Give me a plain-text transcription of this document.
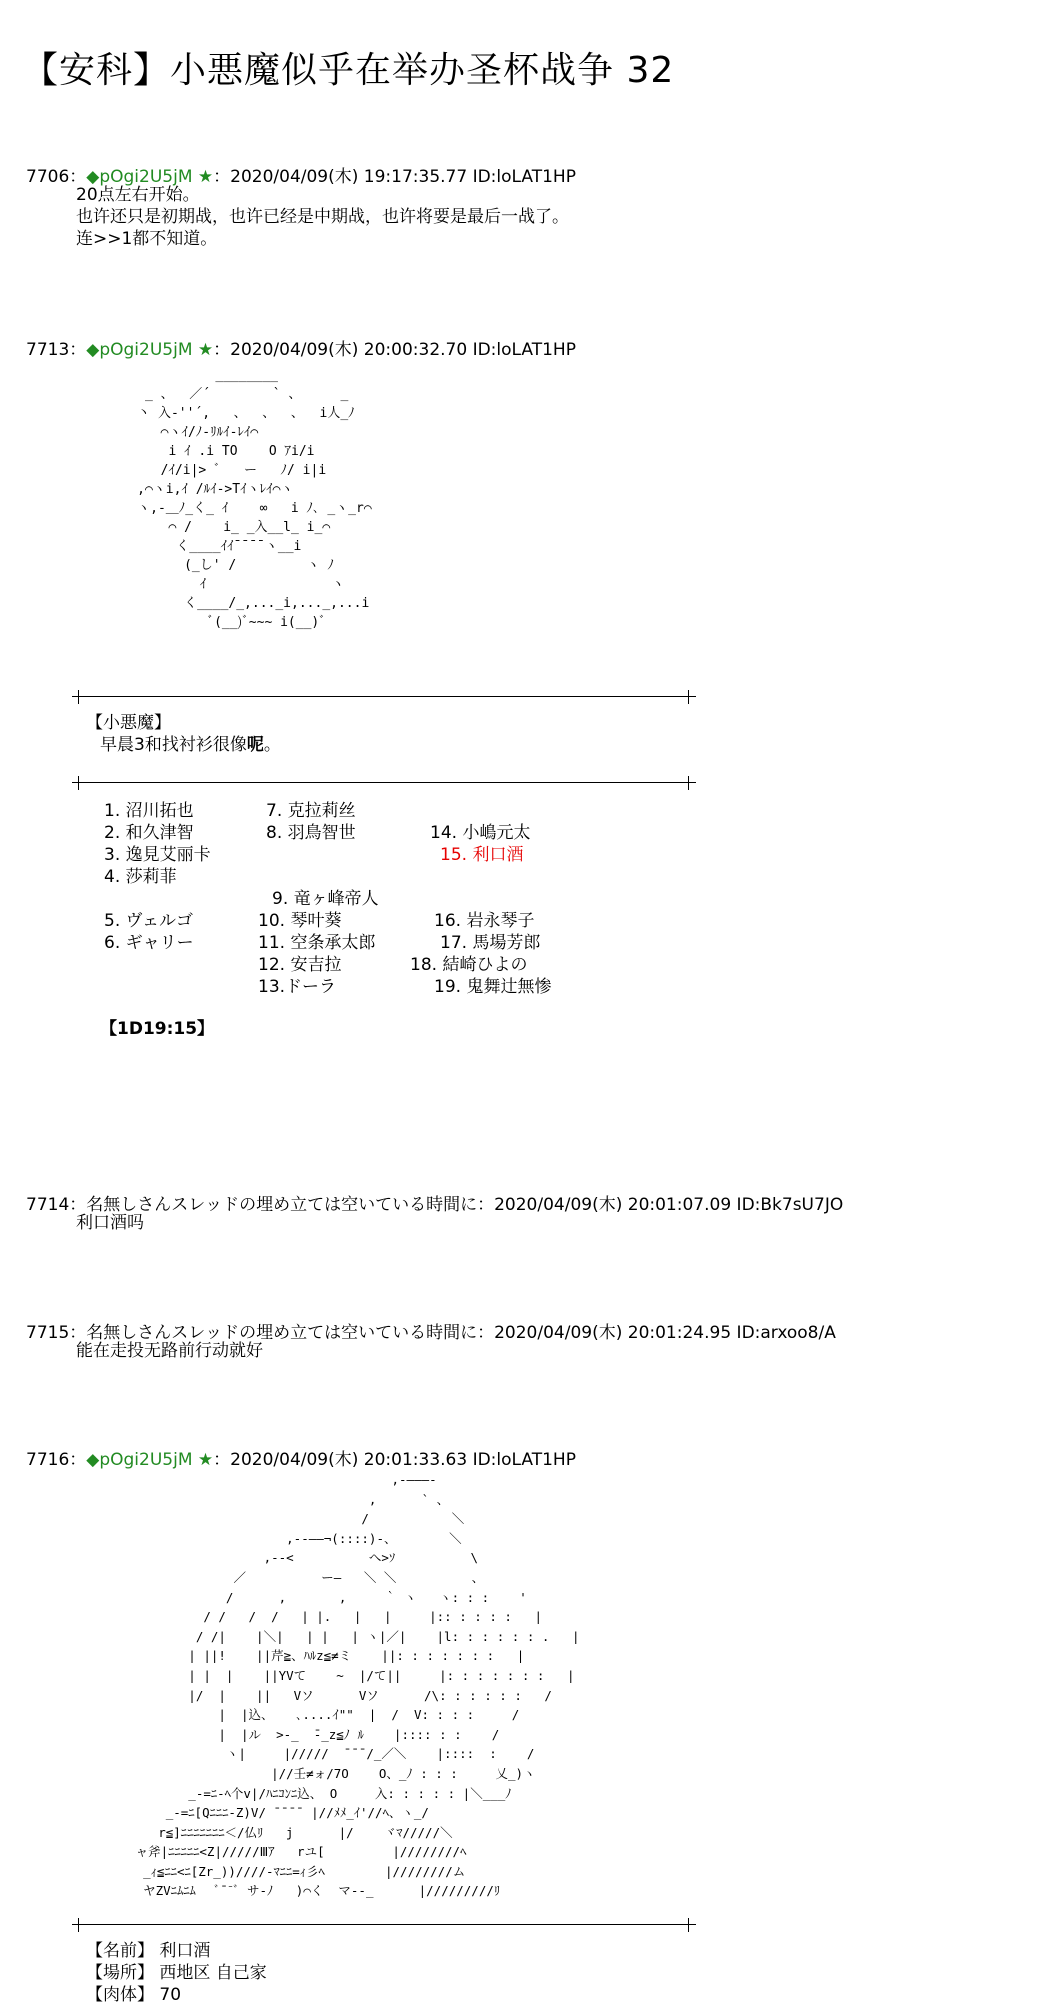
【安科】小悪魔似乎在举办圣杯战争 32
7706：◆pOgi2U5jM ★：2020/04/09(木) 19:17:35.77 ID:loLAT1HP
20点左右开始。
也许还只是初期战，也许已经是中期战，也许将要是最后一战了。
连>>1都不知道。
7713：◆pOgi2U5jM ★：2020/04/09(木) 20:00:32.70 ID:loLAT1HP
________
_ 、  ／´        ` 、     _
丶 入-''´,   、  、  、  i人_ﾉ
⌒ヽｲ/ﾉ-ﾘﾙｲ-ﾚｲ⌒
i ｲ .i TO    O ｱi/i
/ｲ/i|> ﾞ   ー   ﾉ/ i|i
,⌒ヽi,ｲ /ﾙｲ->Tｲヽﾚｲ⌒ヽ
ヽ,-＿ﾉ_く_ ｲ    ∞   i ﾉ､ _ヽ_r⌒
⌒ /    i_ _入__l_ i_⌒
く____ｲｲ¯¯¯¯ヽ__i
(_し' /         ヽ ﾉ
ｲ                ヽ
く____/_,..._i,..._,...i
ﾞ(__)ﾞ~~~ i(__)ﾞ
【小悪魔】
早晨3和找衬衫很像呢。
1. 沼川拓也
2. 和久津智
3. 逸見艾丽卡
4. 莎莉菲
5. ヴェルゴ
6. ギャリー
7. 克拉莉丝
8. 羽鳥智世
9. 竜ヶ峰帝人
10. 琴叶葵
11. 空条承太郎
12. 安吉拉
13.ドーラ
14. 小嶋元太
15. 利口酒
16. 岩永琴子
17. 馬場芳郎
18. 結崎ひよの
19. 鬼舞辻無惨
【1D19:15】
7714：名無しさんスレッドの埋め立ては空いている時間に：2020/04/09(木) 20:01:07.09 ID:Bk7sU7JO
利口酒吗
7715：名無しさんスレッドの埋め立ては空いている時間に：2020/04/09(木) 20:01:24.95 ID:arxoo8/A
能在走投无路前行动就好
7716：◆pOgi2U5jM ★：2020/04/09(木) 20:01:33.63 ID:loLAT1HP
,-―――-
,      ` 、
/           ＼
,--――¬(::::)-、       ＼
,--<          へ>ｿ          \
／          ー―   ＼ ＼          、
/      ,       ,     ｀ ヽ   ヽ: : :    '
/ /   /  /   | |.   |   |     |:: : : : :   |
/ /|    |＼|   | |   | ヽ|／|    |l: : : : : : .   |
| ||!    ||芹≧、ﾊﾙz≦≠ミ    ||: : : : : : :   |
| |  |    ||YVて    ~  |/て||     |: : : : : : :   |
|/  |    ||   Vソ      Vソ      /\: : : : : :   /
|  |込、   ､....ｲ""  |  /  V: : : :     /
|  |ル  >-_  ̄-_z≦ﾉ ﾙ    |:::: : :    /
ヽ|     |/////  ¯¯¯/_／＼    |::::  :    /
|//壬≠ォ/7O    O、_ﾉ : : :     乂_)ヽ
_-=ﾆ-ﾍ个v|/ﾊﾆｺﾝﾆ込、 O     入: : : : : |＼___ﾉ
_-=ﾆ[Qﾆﾆﾆ-Z)V/ ¯¯¯¯ |//ﾒﾒ_ｲ'//ﾍ、ヽ_/
r≦]ﾆﾆﾆﾆﾆﾆﾆ＜/仏ﾘ   j      |/    ヾﾏ/////＼
ャ斧|ﾆﾆﾆﾆﾆ<Z|/////Ⅲｱ   rユ[         |////////ﾍ
_ｨ≦ﾆﾆ<ﾆ[Zr_))////-ﾏﾆﾆ=ｨ彡ﾍ        |////////ム
ヤZVﾆﾑﾆﾑ   ﾞ¯¯ﾞ サ-ﾉ   )⌒く  マ--_      |/////////ﾘ
【名前】 利口酒
【場所】 西地区 自己家
【肉体】 70
